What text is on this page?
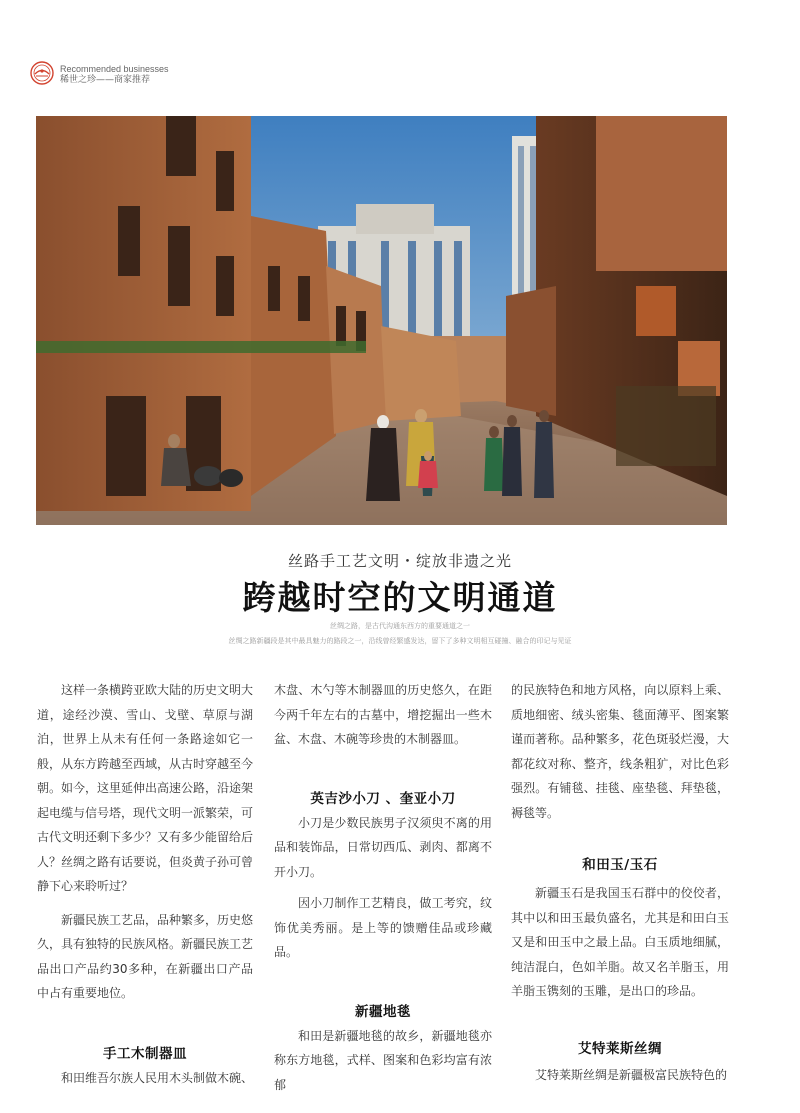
Recommended businesses
稀世之珍——商家推荐
丝路手工艺文明・绽放非遗之光
跨越时空的文明通道
丝绸之路，是古代沟通东西方的重要通道之一
丝绸之路新疆段是其中最具魅力的路段之一，沿线曾经繁盛发达，留下了多种文明相互碰撞、融合的印记与见证

这样一条横跨亚欧大陆的历史文明大道，途经沙漠、雪山、戈壁、草原与湖泊，世界上从未有任何一条路途如它一般，从东方跨越至西域，从古时穿越至今朝。如今，这里延伸出高速公路，沿途架起电缆与信号塔，现代文明一派繁荣，可古代文明还剩下多少？又有多少能留给后人？丝绸之路有话要说，但炎黄子孙可曾静下心来聆听过？

新疆民族工艺品，品种繁多，历史悠久，具有独特的民族风格。新疆民族工艺品出口产品约30多种，在新疆出口产品中占有重要地位。

手工木制器皿

和田维吾尔族人民用木头制做木碗、

木盘、木勺等木制器皿的历史悠久，在距今两千年左右的古墓中，增挖掘出一些木盆、木盘、木碗等珍贵的木制器皿。

英吉沙小刀 、奎亚小刀

小刀是少数民族男子汉须臾不离的用品和装饰品，日常切西瓜、剥肉、都离不开小刀。

因小刀制作工艺精良，做工考究，纹饰优美秀丽。是上等的馈赠佳品或珍藏品。

新疆地毯

和田是新疆地毯的故乡，新疆地毯亦称东方地毯，式样、图案和色彩均富有浓郁

的民族特色和地方风格，向以原料上乘、质地细密、绒头密集、毯面薄平、图案繁谨而著称。品种繁多，花色斑驳烂漫，大都花纹对称、整齐，线条粗犷，对比色彩强烈。有铺毯、挂毯、座垫毯、拜垫毯，褥毯等。

和田玉/玉石

新疆玉石是我国玉石群中的佼佼者，其中以和田玉最负盛名，尤其是和田白玉又是和田玉中之最上品。白玉质地细腻，纯洁混白，色如羊脂。故又名羊脂玉，用羊脂玉镌刻的玉雕，是出口的珍品。

艾特莱斯丝绸

艾特莱斯丝绸是新疆极富民族特色的
